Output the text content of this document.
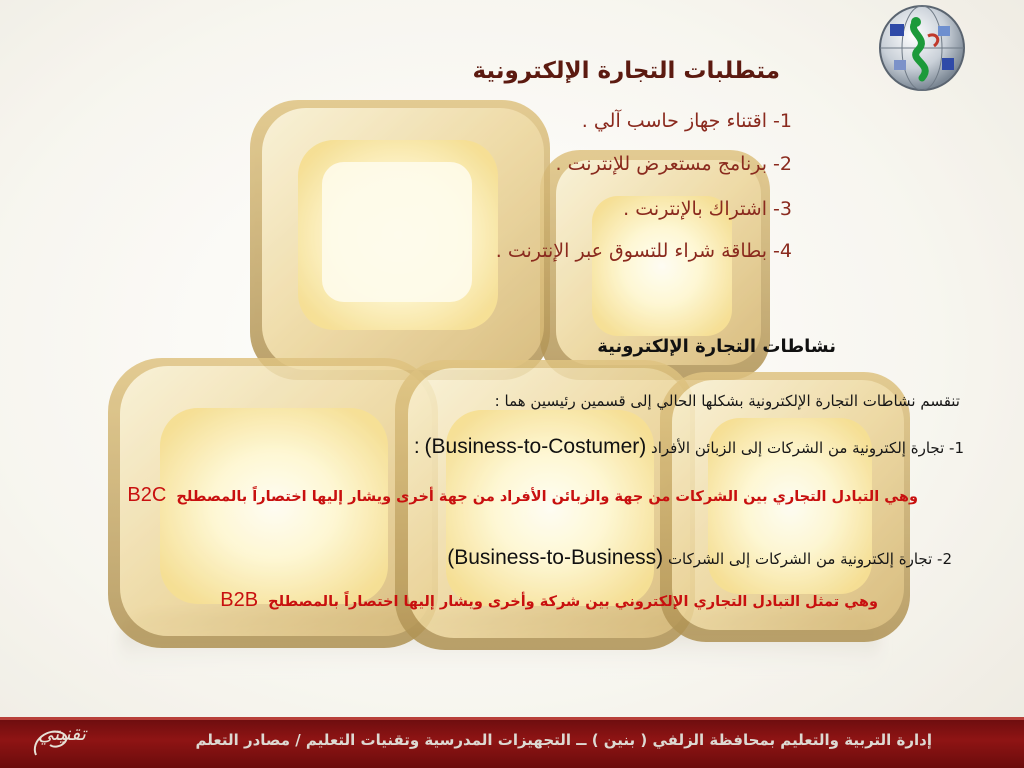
متطلبات التجارة الإلكترونية
1- اقتناء جهاز حاسب آلي .
2- برنامج مستعرض للإنترنت .
3- اشتراك بالإنترنت .
4- بطاقة شراء للتسوق عبر الإنترنت .
نشاطات التجارة الإلكترونية
تنقسم نشاطات التجارة الإلكترونية بشكلها الحالي إلى قسمين رئيسين هما :
1- تجارة إلكترونية من الشركات إلى الزبائن الأفراد (Business-to-Costumer) :
وهي التبادل التجاري بين الشركات من جهة والزبائن الأفراد من جهة أخرى ويشار إليها اختصاراً بالمصطلح  B2C
2- تجارة إلكترونية من الشركات إلى الشركات (Business-to-Business)
وهي تمثل التبادل التجاري الإلكتروني بين شركة وأخرى ويشار إليها اختصاراً بالمصطلح  B2B
إدارة التربية والتعليم بمحافظة الزلفي ( بنين ) ــ التجهيزات المدرسية وتقنيات التعليم / مصادر التعلم
تقنيتي
